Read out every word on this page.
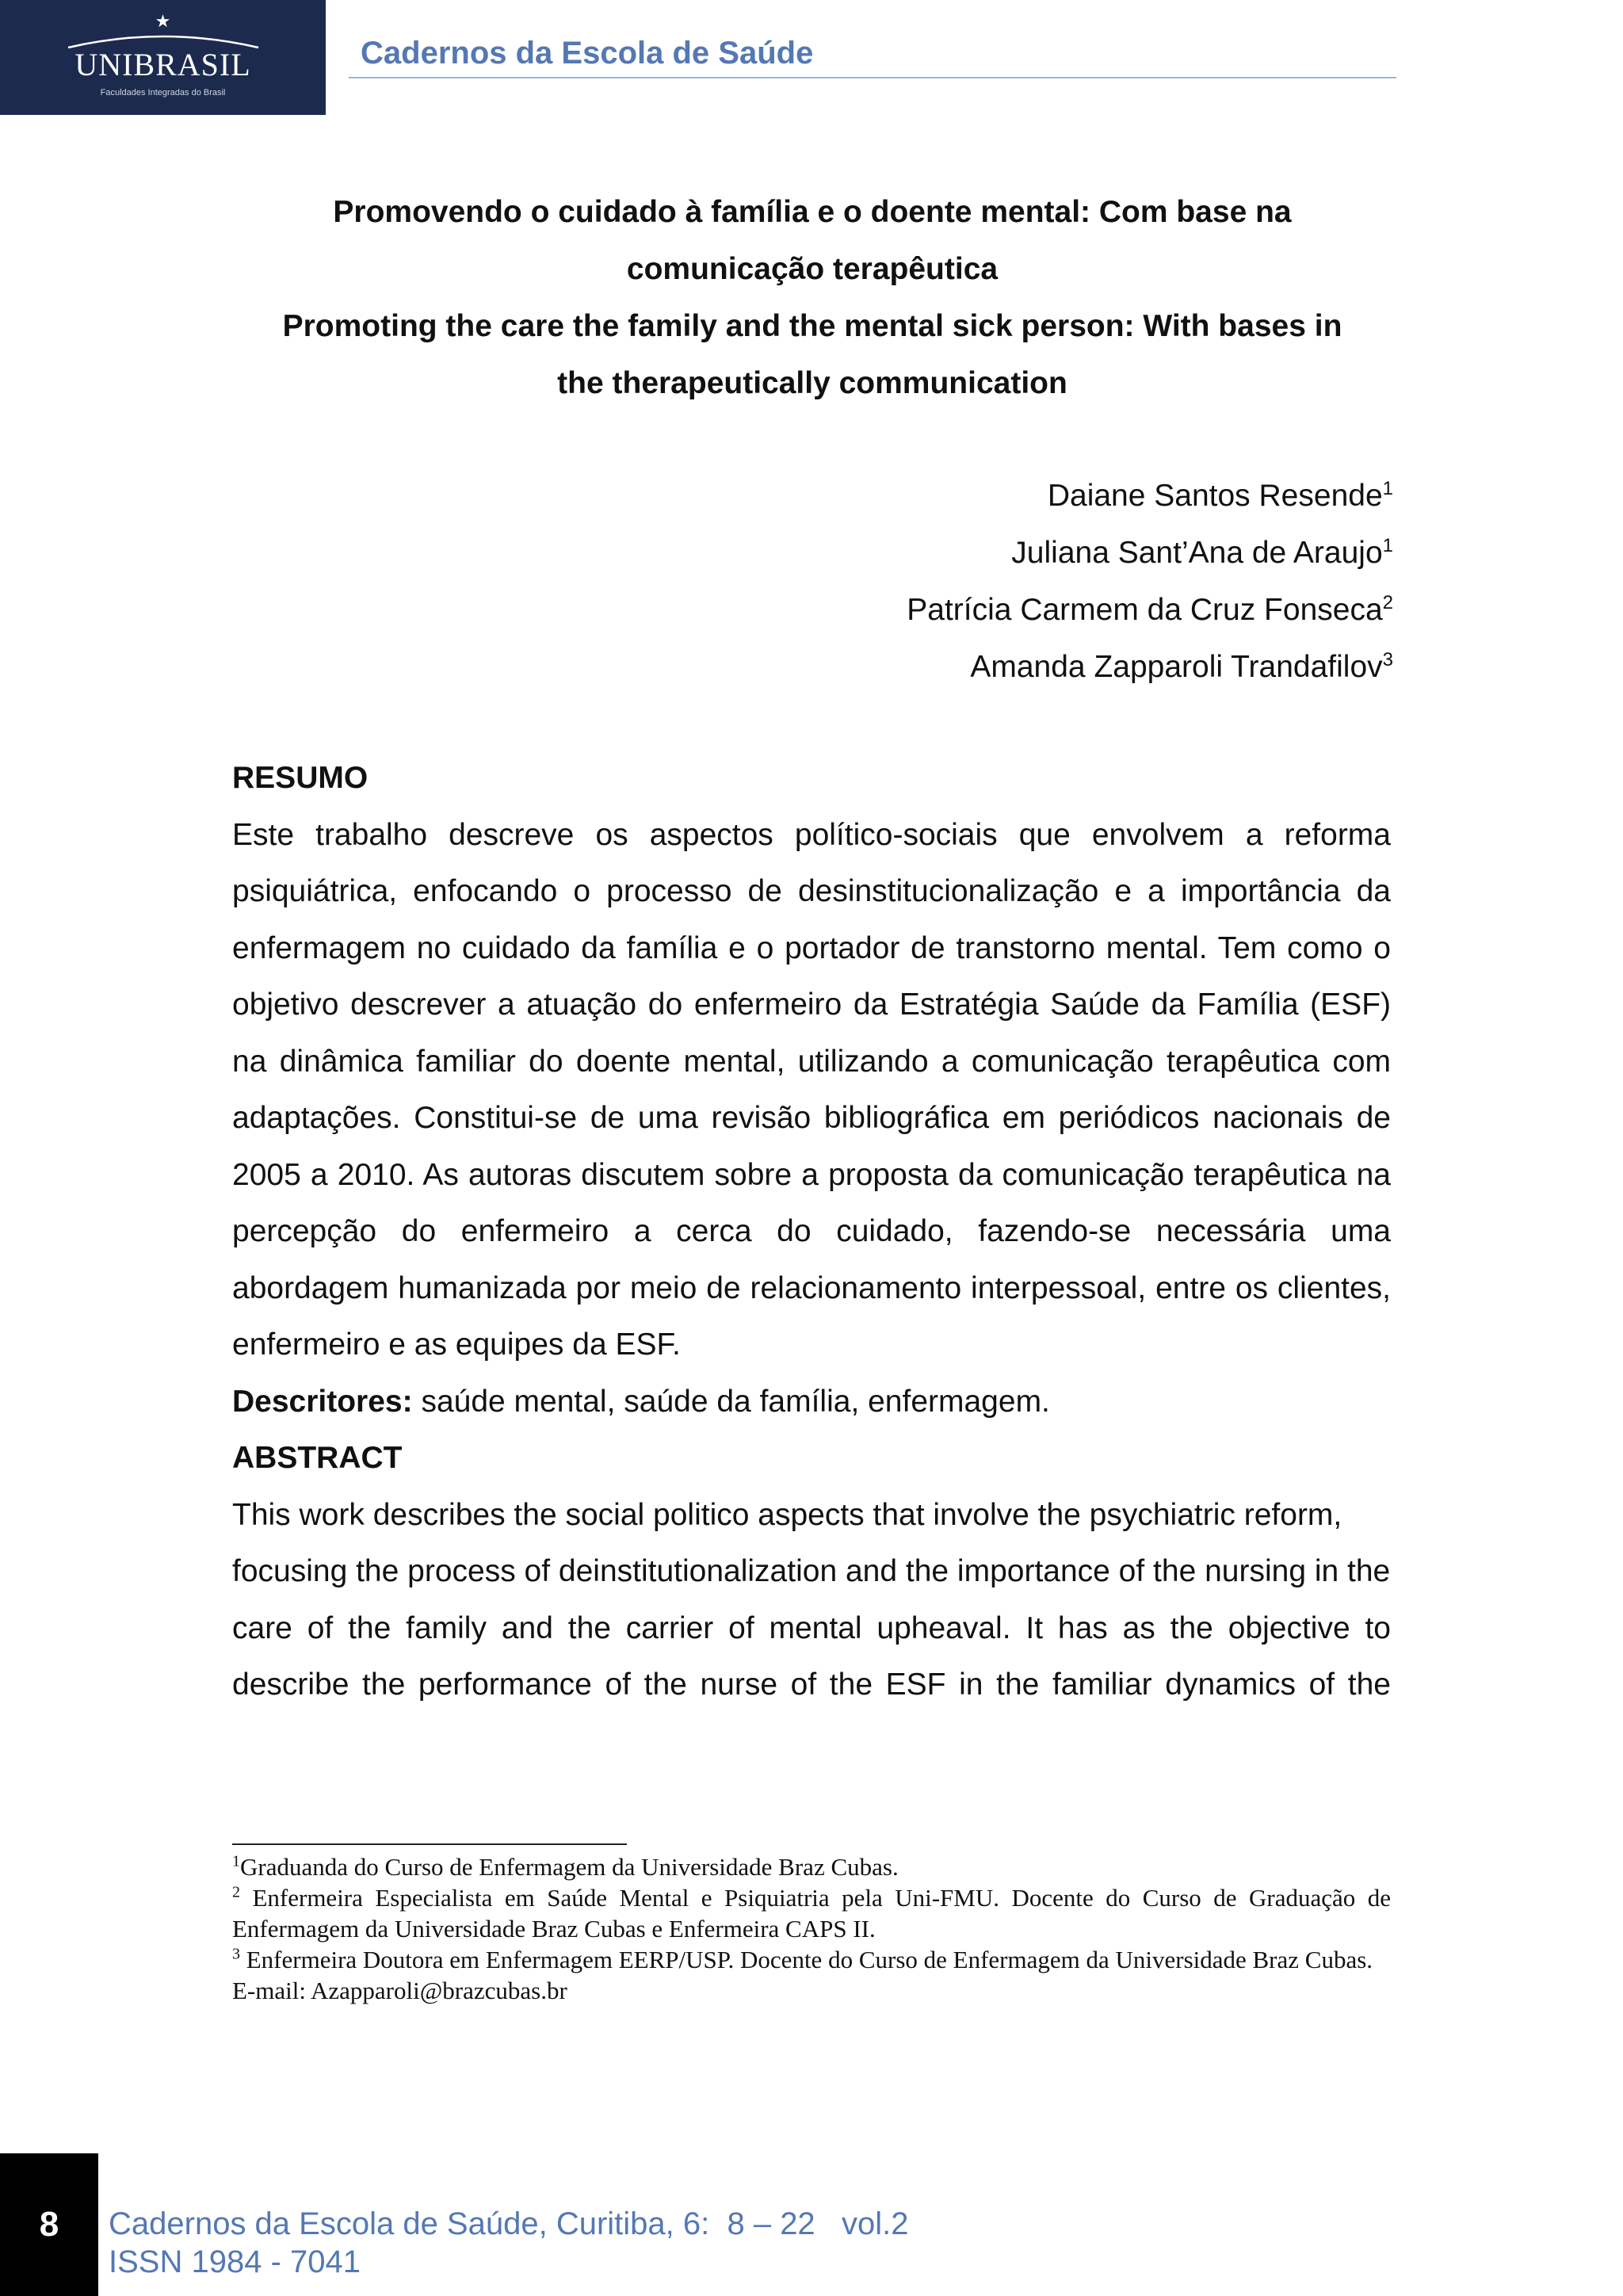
★
UNIBRASIL
Faculdades Integradas do Brasil
Cadernos da Escola de Saúde
Promovendo o cuidado à família e o doente mental: Com base na
comunicação terapêutica
Promoting the care the family and the mental sick person: With bases in
the therapeutically communication
Daiane Santos Resende$^1$
Juliana Sant’Ana de Araujo$^1$
Patrícia Carmem da Cruz Fonseca$^2$
Amanda Zapparoli Trandafilov$^3$
RESUMO
Este trabalho descreve os aspectos político-sociais que envolvem a reforma psiquiátrica, enfocando o processo de desinstitucionalização e a importância da enfermagem no cuidado da família e o portador de transtorno mental. Tem como o objetivo descrever a atuação do enfermeiro da Estratégia Saúde da Família (ESF) na dinâmica familiar do doente mental, utilizando a comunicação terapêutica com adaptações. Constitui-se de uma revisão bibliográfica em periódicos nacionais de 2005 a 2010. As autoras discutem sobre a proposta da comunicação terapêutica na percepção do enfermeiro a cerca do cuidado, fazendo-se necessária uma abordagem humanizada por meio de relacionamento interpessoal, entre os clientes, enfermeiro e as equipes da ESF.
Descritores: saúde mental, saúde da família, enfermagem.
ABSTRACT
This work describes the social politico aspects that involve the psychiatric reform, focusing the process of deinstitutionalization and the importance of the nursing in the
care of the family and the carrier of mental upheaval. It has as the objective to describe the performance of the nurse of the ESF in the familiar dynamics of the
$^1$Graduanda do Curso de Enfermagem da Universidade Braz Cubas.
$^2$ Enfermeira Especialista em Saúde Mental e Psiquiatria pela Uni-FMU. Docente do Curso de Graduação de Enfermagem da Universidade Braz Cubas e Enfermeira CAPS II.
$^3$ Enfermeira Doutora em Enfermagem EERP/USP. Docente do Curso de Enfermagem da Universidade Braz Cubas.
E-mail: Azapparoli@brazcubas.br
8	Cadernos da Escola de Saúde, Curitiba, 6:  8 – 22   vol.2
ISSN 1984 - 7041
